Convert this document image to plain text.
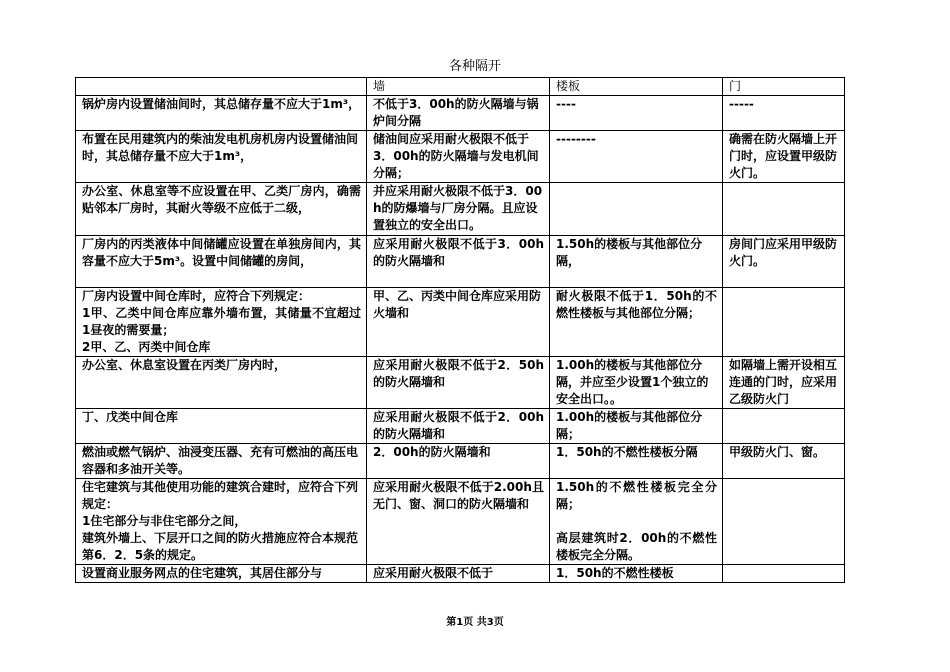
各种隔开
	墙	楼板	门

锅炉房内设置储油间时，其总储存量不应大于1m³，	不低于3．00h的防火隔墙与锅炉间分隔	----	-----

布置在民用建筑内的柴油发电机房机房内设置储油间时，其总储存量不应大于1m³，	储油间应采用耐火极限不低于3．00h的防火隔墙与发电机间分隔；	--------	确需在防火隔墙上开门时，应设置甲级防火门。

办公室、休息室等不应设置在甲、乙类厂房内，确需贴邻本厂房时，其耐火等级不应低于二级，	并应采用耐火极限不低于3．00h的防爆墙与厂房分隔。且应设置独立的安全出口。		

厂房内的丙类液体中间储罐应设置在单独房间内，其容量不应大于5m³。设置中间储罐的房间，	应采用耐火极限不低于3．00h的防火隔墙和	1.50h的楼板与其他部位分隔，	房间门应采用甲级防火门。

厂房内设置中间仓库时，应符合下列规定：
1甲、乙类中间仓库应靠外墙布置，其储量不宜超过1昼夜的需要量；
2甲、乙、丙类中间仓库	甲、乙、丙类中间仓库应采用防火墙和	耐火极限不低于1．50h的不燃性楼板与其他部位分隔；	

办公室、休息室设置在丙类厂房内时，	应采用耐火极限不低于2．50h的防火隔墙和	1.00h的楼板与其他部位分隔，并应至少设置1个独立的安全出口。。	如隔墙上需开设相互连通的门时，应采用乙级防火门

丁、戊类中间仓库	应采用耐火极限不低于2．00h的防火隔墙和	1.00h的楼板与其他部位分隔；	

燃油或燃气锅炉、油浸变压器、充有可燃油的高压电容器和多油开关等。	2．00h的防火隔墙和	1．50h的不燃性楼板分隔	甲级防火门、窗。

住宅建筑与其他使用功能的建筑合建时，应符合下列规定：
1住宅部分与非住宅部分之间，
建筑外墙上、下层开口之间的防火措施应符合本规范第6．2．5条的规定。	应采用耐火极限不低于2.00h且无门、窗、洞口的防火隔墙和	1.50h的不燃性楼板完全分隔；
高层建筑时2．00h的不燃性楼板完全分隔。	

设置商业服务网点的住宅建筑，其居住部分与	应采用耐火极限不低于	1．50h的不燃性楼板	

第1页 共3页
